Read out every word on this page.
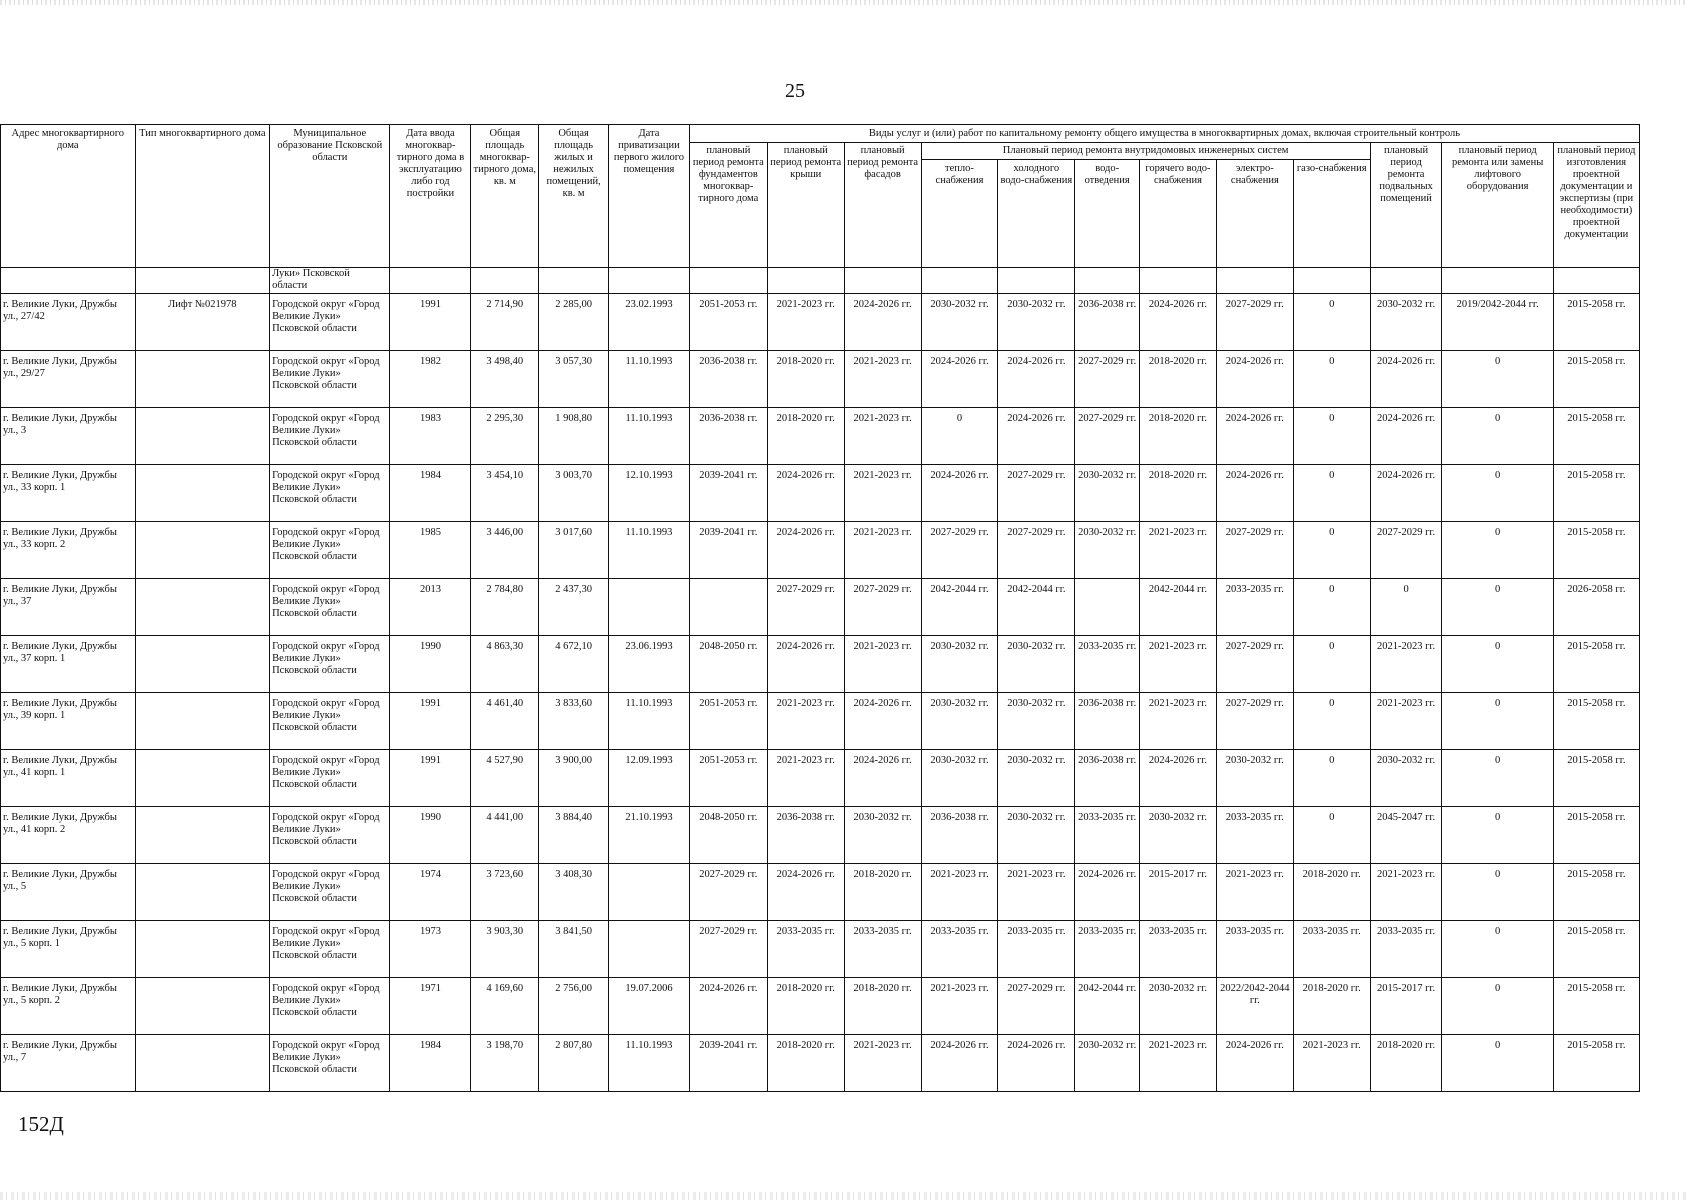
25
Адрес многоквартирного дома	Тип многоквартирного дома	Муниципальное образование Псковской области	Дата ввода многоквар-тирного дома в эксплуатацию либо год постройки	Общая площадь многоквар-тирного дома, кв. м	Общая площадь жилых и нежилых помещений, кв. м	Дата приватизации первого жилого помещения	Виды услуг и (или) работ по капитальному ремонту общего имущества в многоквартирных домах, включая строительный контроль											
							плановый период ремонта фундаментов многоквар-тирного дома	плановый период ремонта крыши	плановый период ремонта фасадов	Плановый период ремонта внутридомовых инженерных систем						плановый период ремонта подвальных помещений	плановый период ремонта или замены лифтового оборудования	плановый период изготовления проектной документации и экспертизы (при необходимости) проектной документации
										тепло-снабжения	холодного водо-снабжения	водо-отведения	горячего водо-снабжения	электро-снабжения	газо-снабжения			
		Луки» Псковской области																
г. Великие Луки, Дружбы ул., 27/42	Лифт №021978	Городской округ «Город Великие Луки» Псковской области	1991	2 714,90	2 285,00	23.02.1993	2051-2053 гг.	2021-2023 гг.	2024-2026 гг.	2030-2032 гг.	2030-2032 гг.	2036-2038 гг.	2024-2026 гг.	2027-2029 гг.	0	2030-2032 гг.	2019/2042-2044 гг.	2015-2058 гг.
г. Великие Луки, Дружбы ул., 29/27		Городской округ «Город Великие Луки» Псковской области	1982	3 498,40	3 057,30	11.10.1993	2036-2038 гг.	2018-2020 гг.	2021-2023 гг.	2024-2026 гг.	2024-2026 гг.	2027-2029 гг.	2018-2020 гг.	2024-2026 гг.	0	2024-2026 гг.	0	2015-2058 гг.
г. Великие Луки, Дружбы ул., 3		Городской округ «Город Великие Луки» Псковской области	1983	2 295,30	1 908,80	11.10.1993	2036-2038 гг.	2018-2020 гг.	2021-2023 гг.	0	2024-2026 гг.	2027-2029 гг.	2018-2020 гг.	2024-2026 гг.	0	2024-2026 гг.	0	2015-2058 гг.
г. Великие Луки, Дружбы ул., 33 корп. 1		Городской округ «Город Великие Луки» Псковской области	1984	3 454,10	3 003,70	12.10.1993	2039-2041 гг.	2024-2026 гг.	2021-2023 гг.	2024-2026 гг.	2027-2029 гг.	2030-2032 гг.	2018-2020 гг.	2024-2026 гг.	0	2024-2026 гг.	0	2015-2058 гг.
г. Великие Луки, Дружбы ул., 33 корп. 2		Городской округ «Город Великие Луки» Псковской области	1985	3 446,00	3 017,60	11.10.1993	2039-2041 гг.	2024-2026 гг.	2021-2023 гг.	2027-2029 гг.	2027-2029 гг.	2030-2032 гг.	2021-2023 гг.	2027-2029 гг.	0	2027-2029 гг.	0	2015-2058 гг.
г. Великие Луки, Дружбы ул., 37		Городской округ «Город Великие Луки» Псковской области	2013	2 784,80	2 437,30			2027-2029 гг.	2027-2029 гг.	2042-2044 гг.	2042-2044 гг.		2042-2044 гг.	2033-2035 гг.	0	0	0	2026-2058 гг.
г. Великие Луки, Дружбы ул., 37 корп. 1		Городской округ «Город Великие Луки» Псковской области	1990	4 863,30	4 672,10	23.06.1993	2048-2050 гг.	2024-2026 гг.	2021-2023 гг.	2030-2032 гг.	2030-2032 гг.	2033-2035 гг.	2021-2023 гг.	2027-2029 гг.	0	2021-2023 гг.	0	2015-2058 гг.
г. Великие Луки, Дружбы ул., 39 корп. 1		Городской округ «Город Великие Луки» Псковской области	1991	4 461,40	3 833,60	11.10.1993	2051-2053 гг.	2021-2023 гг.	2024-2026 гг.	2030-2032 гг.	2030-2032 гг.	2036-2038 гг.	2021-2023 гг.	2027-2029 гг.	0	2021-2023 гг.	0	2015-2058 гг.
г. Великие Луки, Дружбы ул., 41 корп. 1		Городской округ «Город Великие Луки» Псковской области	1991	4 527,90	3 900,00	12.09.1993	2051-2053 гг.	2021-2023 гг.	2024-2026 гг.	2030-2032 гг.	2030-2032 гг.	2036-2038 гг.	2024-2026 гг.	2030-2032 гг.	0	2030-2032 гг.	0	2015-2058 гг.
г. Великие Луки, Дружбы ул., 41 корп. 2		Городской округ «Город Великие Луки» Псковской области	1990	4 441,00	3 884,40	21.10.1993	2048-2050 гг.	2036-2038 гг.	2030-2032 гг.	2036-2038 гг.	2030-2032 гг.	2033-2035 гг.	2030-2032 гг.	2033-2035 гг.	0	2045-2047 гг.	0	2015-2058 гг.
г. Великие Луки, Дружбы ул., 5		Городской округ «Город Великие Луки» Псковской области	1974	3 723,60	3 408,30		2027-2029 гг.	2024-2026 гг.	2018-2020 гг.	2021-2023 гг.	2021-2023 гг.	2024-2026 гг.	2015-2017 гг.	2021-2023 гг.	2018-2020 гг.	2021-2023 гг.	0	2015-2058 гг.
г. Великие Луки, Дружбы ул., 5 корп. 1		Городской округ «Город Великие Луки» Псковской области	1973	3 903,30	3 841,50		2027-2029 гг.	2033-2035 гг.	2033-2035 гг.	2033-2035 гг.	2033-2035 гг.	2033-2035 гг.	2033-2035 гг.	2033-2035 гг.	2033-2035 гг.	2033-2035 гг.	0	2015-2058 гг.
г. Великие Луки, Дружбы ул., 5 корп. 2		Городской округ «Город Великие Луки» Псковской области	1971	4 169,60	2 756,00	19.07.2006	2024-2026 гг.	2018-2020 гг.	2018-2020 гг.	2021-2023 гг.	2027-2029 гг.	2042-2044 гг.	2030-2032 гг.	2022/2042-2044 гг.	2018-2020 гг.	2015-2017 гг.	0	2015-2058 гг.
г. Великие Луки, Дружбы ул., 7		Городской округ «Город Великие Луки» Псковской области	1984	3 198,70	2 807,80	11.10.1993	2039-2041 гг.	2018-2020 гг.	2021-2023 гг.	2024-2026 гг.	2024-2026 гг.	2030-2032 гг.	2021-2023 гг.	2024-2026 гг.	2021-2023 гг.	2018-2020 гг.	0	2015-2058 гг.
152Д
